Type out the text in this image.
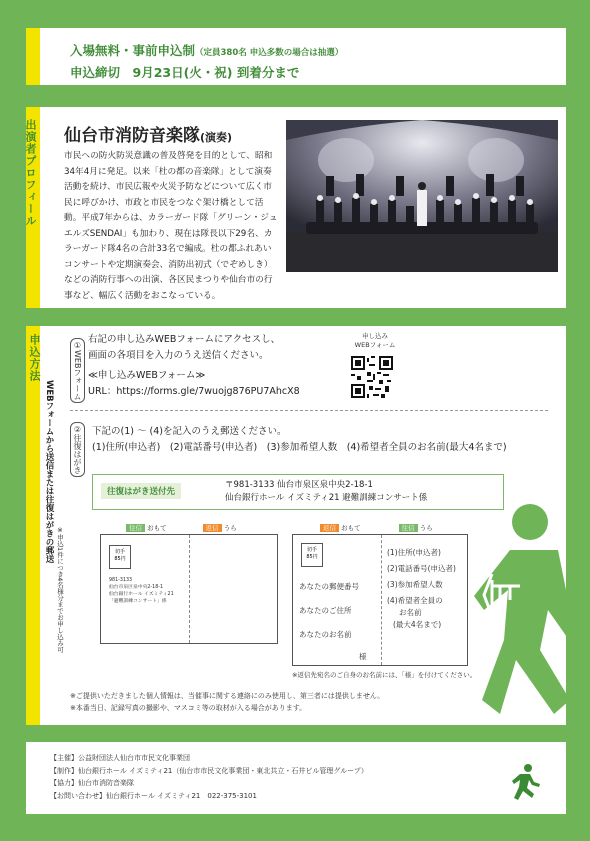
入場無料・事前申込制（定員380名 申込多数の場合は抽選）
申込締切　9月23日(火・祝) 到着分まで
出演者プロフィール 仙台市消防音楽隊(演奏)
市民への防火防災意識の普及啓発を目的として、昭和34年4月に発足。以来「杜の都の音楽隊」として演奏活動を続け、市民広報や火災予防などについて広く市民に呼びかけ、市政と市民をつなぐ架け橋として活動。平成7年からは、カラーガード隊「グリーン・ジュエルズSENDAI」も加わり、現在は隊長以下29名、カラーガード隊4名の合計33名で編成。杜の都ふれあいコンサートや定期演奏会、消防出初式（でぞめしき）などの消防行事への出演、各区民まつりや仙台市の行事など、幅広く活動をおこなっている。
申込方法
WEBフォームから送信または往復はがきの郵送
※申込1件につき4名様分までお申し込み可
①WEBフォーム
右記の申し込みWEBフォームにアクセスし、
画面の各項目を入力のうえ送信ください。
≪申し込みWEBフォーム≫
URL：https://forms.gle/7wuojg876PU7AhcX8
申し込み
WEBフォーム
②往復はがき	下記の(1) 〜 (4)を記入のうえ郵送ください。
(1)住所(申込者)　(2)電話番号(申込者)　(3)参加希望人数　(4)希望者全員のお名前(最大4名まで)
往復はがき送付先
〒981-3133 仙台市泉区泉中央2-18-1
仙台銀行ホール イズミティ21 避難訓練コンサート係
往信 おもて	返信 うら
切手
85円
981-3133
仙台市泉区泉中央2-18-1
仙台銀行ホール イズミティ21
「避難訓練コンサート」係
返信 おもて	往信 うら
切手
85円
あなたの郵便番号
あなたのご住所
あなたのお名前
様
(1)住所(申込者)
(2)電話番号(申込者)
(3)参加希望人数
(4)希望者全員の
お名前
(最大4名まで)
※返信先宛名のご自身のお名前には、「様」を付けてください。
※ご提供いただきました個人情報は、当催事に関する連絡にのみ使用し、第三者には提供しません。
※本番当日、記録写真の撮影や、マスコミ等の取材が入る場合があります。
【主催】公益財団法人仙台市市民文化事業団
【制作】仙台銀行ホール イズミティ21（仙台市市民文化事業団・東北共立・石井ビル管理グループ）
【協力】仙台市消防音楽隊
【お問い合わせ】仙台銀行ホール イズミティ21　022-375-3101
